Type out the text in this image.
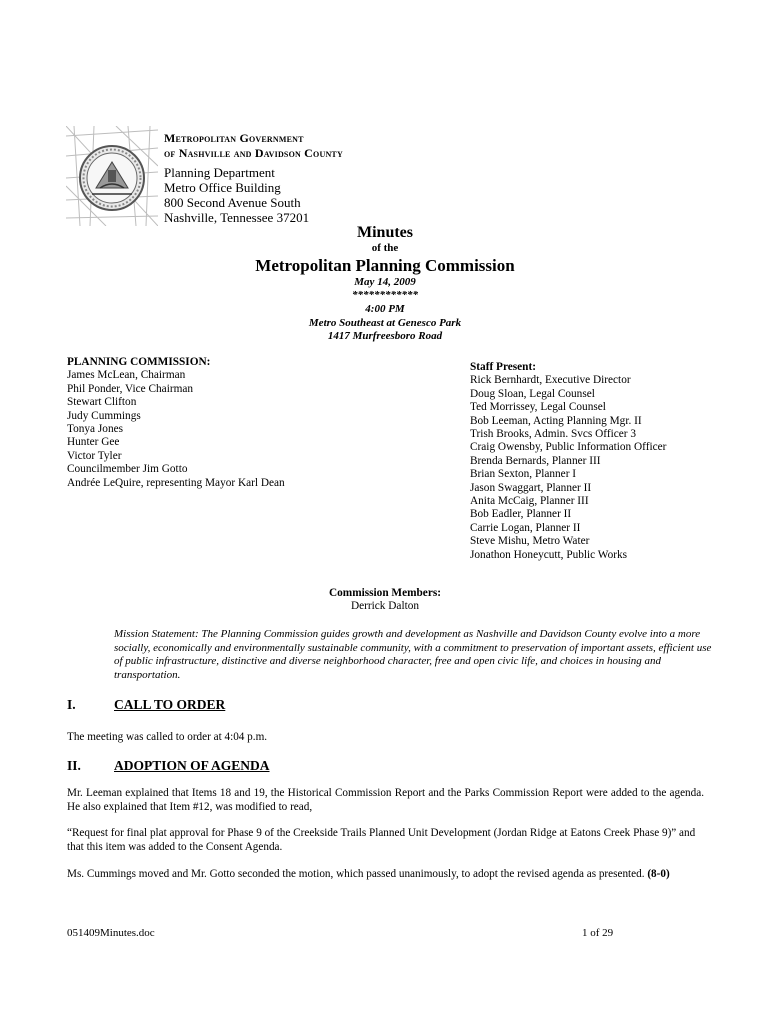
Metropolitan Government
of Nashville and Davidson County
Planning Department
Metro Office Building
800 Second Avenue South
Nashville, Tennessee 37201
Minutes
of the
Metropolitan Planning Commission
May 14, 2009
************
4:00 PM
Metro Southeast at Genesco Park
1417 Murfreesboro Road
PLANNING COMMISSION:
James McLean, Chairman
Phil Ponder, Vice Chairman
Stewart Clifton
Judy Cummings
Tonya Jones
Hunter Gee
Victor Tyler
Councilmember Jim Gotto
Andrée LeQuire, representing Mayor Karl Dean
Staff Present:
Rick Bernhardt, Executive Director
Doug Sloan, Legal Counsel
Ted Morrissey, Legal Counsel
Bob Leeman, Acting Planning Mgr. II
Trish Brooks, Admin. Svcs Officer 3
Craig Owensby, Public Information Officer
Brenda Bernards, Planner III
Brian Sexton, Planner I
Jason Swaggart, Planner II
Anita McCaig, Planner III
Bob Eadler, Planner II
Carrie Logan, Planner II
Steve Mishu, Metro Water
Jonathon Honeycutt, Public Works
Commission Members:
Derrick Dalton
Mission Statement: The Planning Commission guides growth and development as Nashville and Davidson County evolve into a more socially, economically and environmentally sustainable community, with a commitment to preservation of important assets, efficient use of public infrastructure, distinctive and diverse neighborhood character, free and open civic life, and choices in housing and transportation.
I.	CALL TO ORDER
The meeting was called to order at 4:04 p.m.
II. ADOPTION OF AGENDA
Mr. Leeman explained that Items 18 and 19, the Historical Commission Report and the Parks Commission Report were added to the agenda. He also explained that Item #12, was modified to read,
“Request for final plat approval for Phase 9 of the Creekside Trails Planned Unit Development (Jordan Ridge at Eatons Creek Phase 9)” and that this item was added to the Consent Agenda.
Ms. Cummings moved and Mr. Gotto seconded the motion, which passed unanimously, to adopt the revised agenda as presented. (8-0)
051409Minutes.doc	1 of 29
